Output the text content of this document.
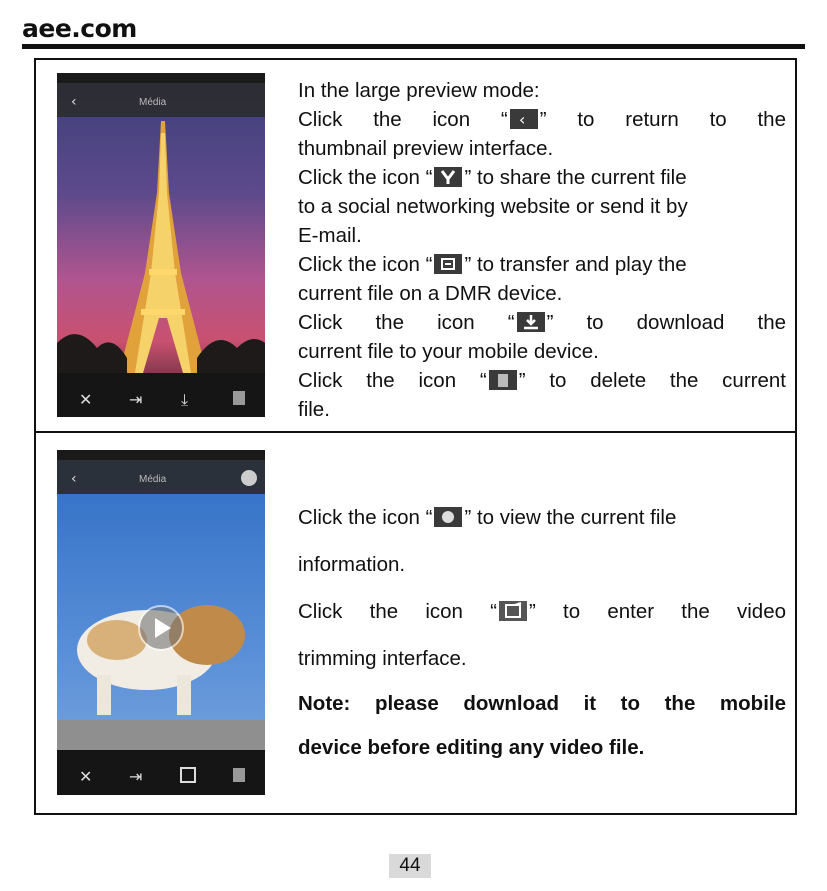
aee.com
‹	Média
✕ ⇥ ⤓
‹	Média
✕ ⇥
In the large preview mode:
Click the icon “ ‹ ” to return to the
thumbnail preview interface.
Click the icon “ ” to share the current file
to a social networking website or send it by
E-mail.
Click the icon “ ” to transfer and play the
current file on a DMR device.
Click the icon “ ” to download the
current file to your mobile device.
Click the icon “ ” to delete the current
file.
Click the icon “ ” to view the current file
information.
Click the icon “ ” to enter the video
trimming interface.
Note: please download it to the mobile
device before editing any video file.
44
